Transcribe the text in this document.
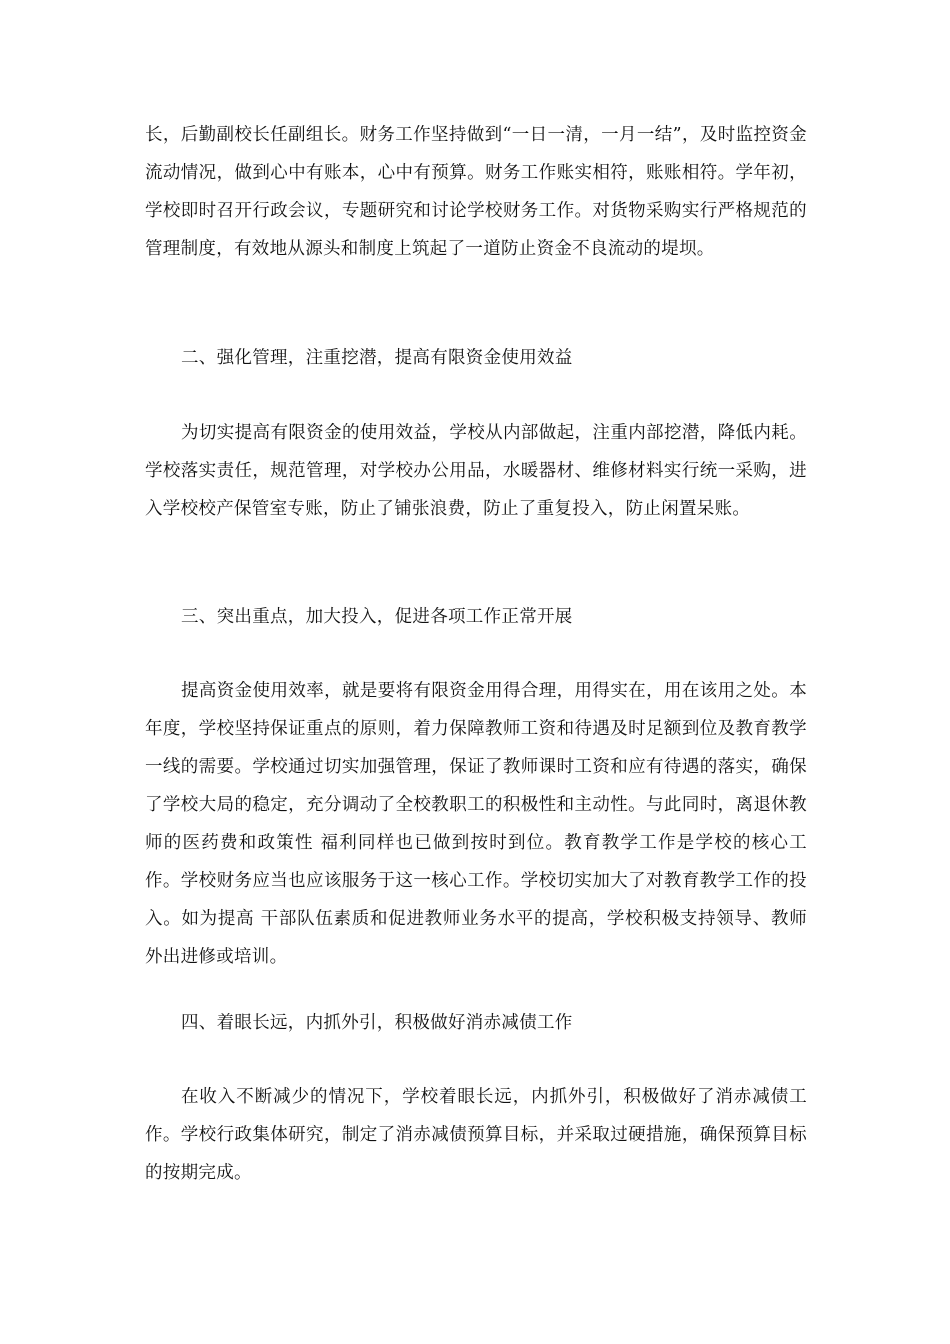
长，后勤副校长任副组长。财务工作坚持做到“一日一清，一月一结”，及时监控资金流动情况，做到心中有账本，心中有预算。财务工作账实相符，账账相符。学年初，学校即时召开行政会议，专题研究和讨论学校财务工作。对货物采购实行严格规范的管理制度，有效地从源头和制度上筑起了一道防止资金不良流动的堤坝。

二、强化管理，注重挖潜，提高有限资金使用效益

为切实提高有限资金的使用效益，学校从内部做起，注重内部挖潜，降低内耗。学校落实责任，规范管理，对学校办公用品，水暖器材、维修材料实行统一采购，进入学校校产保管室专账，防止了铺张浪费，防止了重复投入，防止闲置呆账。

三、突出重点，加大投入，促进各项工作正常开展

提高资金使用效率，就是要将有限资金用得合理，用得实在，用在该用之处。本年度，学校坚持保证重点的原则，着力保障教师工资和待遇及时足额到位及教育教学一线的需要。学校通过切实加强管理，保证了教师课时工资和应有待遇的落实，确保了学校大局的稳定，充分调动了全校教职工的积极性和主动性。与此同时，离退休教师的医药费和政策性 福利同样也已做到按时到位。教育教学工作是学校的核心工作。学校财务应当也应该服务于这一核心工作。学校切实加大了对教育教学工作的投入。如为提高 干部队伍素质和促进教师业务水平的提高，学校积极支持领导、教师外出进修或培训。

四、着眼长远，内抓外引，积极做好消赤减债工作

在收入不断减少的情况下，学校着眼长远，内抓外引，积极做好了消赤减债工作。学校行政集体研究，制定了消赤减债预算目标，并采取过硬措施，确保预算目标的按期完成。
